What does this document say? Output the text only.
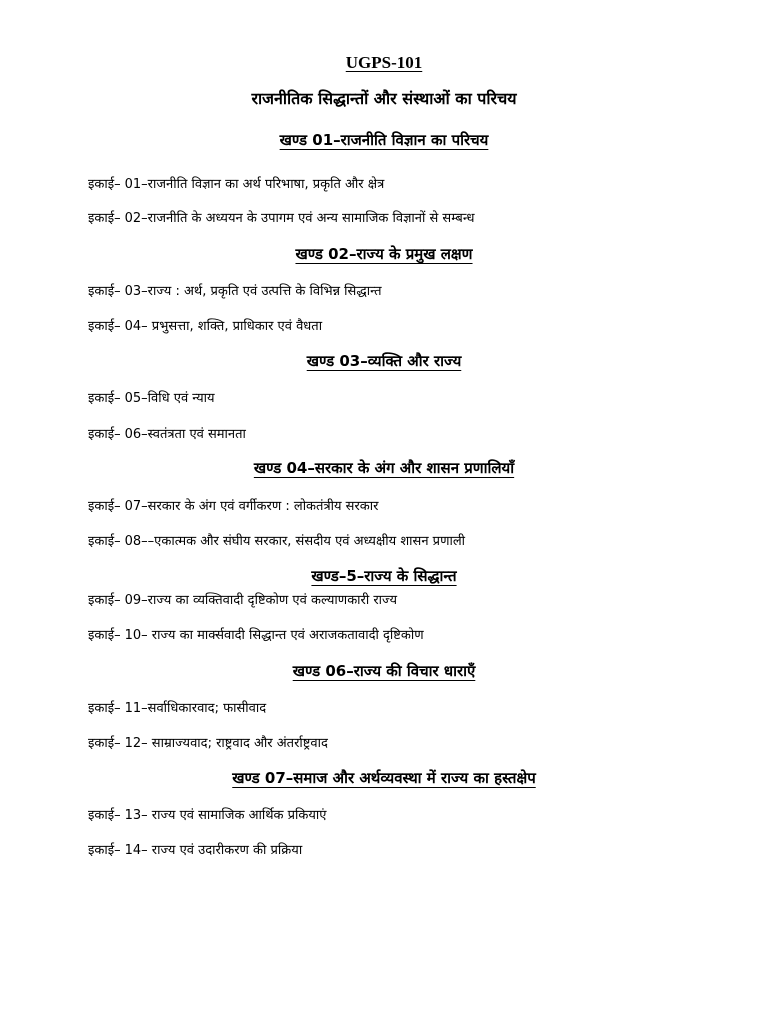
UGPS-101
राजनीतिक सिद्धान्तों और संस्थाओं का परिचय
खण्ड 01–राजनीति विज्ञान का परिचय
इकाई– 01–राजनीति विज्ञान का अर्थ परिभाषा, प्रकृति और क्षेत्र
इकाई– 02–राजनीति के अध्ययन के उपागम एवं अन्य सामाजिक विज्ञानों से सम्बन्ध
खण्ड 02–राज्य के प्रमुख लक्षण
इकाई– 03–राज्य : अर्थ, प्रकृति एवं उत्पत्ति के विभिन्न सिद्धान्त
इकाई– 04– प्रभुसत्ता, शक्ति, प्राधिकार एवं वैधता
खण्ड 03–व्यक्ति और राज्य
इकाई– 05–विधि एवं न्याय
इकाई– 06–स्वतंत्रता एवं समानता
खण्ड 04–सरकार के अंग और शासन प्रणालियॉं
इकाई– 07–सरकार के अंग एवं वर्गीकरण : लोकतंत्रीय सरकार
इकाई– 08––एकात्मक और संघीय सरकार, संसदीय एवं अध्यक्षीय शासन प्रणाली
खण्ड–5–राज्य के सिद्धान्त
इकाई– 09–राज्य का व्यक्तिवादी दृष्टिकोण एवं कल्याणकारी राज्य
इकाई– 10– राज्य का मार्क्सवादी सिद्धान्त एवं अराजकतावादी दृष्टिकोण
खण्ड 06–राज्य की विचार धाराएँ
इकाई– 11–सर्वाधिकारवाद; फासीवाद
इकाई– 12– साम्राज्यवाद; राष्ट्रवाद और अंतर्राष्ट्रवाद
खण्ड 07–समाज और अर्थव्यवस्था में राज्य का हस्तक्षेप
इकाई– 13– राज्य एवं सामाजिक आर्थिक प्रकियाएं
इकाई– 14– राज्य एवं उदारीकरण की प्रक्रिया
